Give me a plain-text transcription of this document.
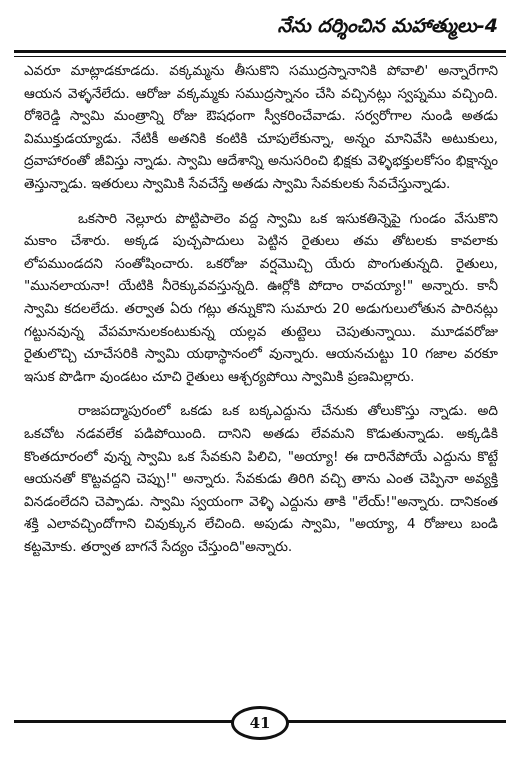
నేను దర్శించిన మహాత్ములు-4

ఎవరూ మాట్లాడకూడదు. వక్కమ్మను తీసుకొని సముద్రస్నానానికి పోవాలి' అన్నారేగాని ఆయన వెళ్ళనేలేదు. ఆరోజు వక్కమ్మకు సముద్రస్నానం చేసి వచ్చినట్లు స్వప్నము వచ్చింది. రోశిరెడ్డి స్వామి మంత్రాన్ని రోజు ఔషధంగా స్వీకరించేవాడు. సర్వరోగాల నుండి అతడు విముక్తుడయ్యాడు. నేటికీ అతనికి కంటికి చూపులేకున్నా, అన్నం మానివేసి అటుకులు, ద్రవాహారంతో జీవిస్తు న్నాడు. స్వామి ఆదేశాన్ని అనుసరించి భిక్షకు వెళ్ళిభక్తులకోసం భిక్షాన్నం తెస్తున్నాడు. ఇతరులు స్వామికి సేవచేస్తే అతడు స్వామి సేవకులకు సేవచేస్తున్నాడు.

ఒకసారి నెల్లూరు పొట్టిపాలెం వద్ద స్వామి ఒక ఇసుకతిన్నెపై గుండం వేసుకొని మకాం చేశారు. అక్కడ పుచ్చపాదులు పెట్టిన రైతులు తమ తోటలకు కావలాకు లోపముండదని సంతోషించారు. ఒకరోజు వర్షమొచ్చి యేరు పొంగుతున్నది. రైతులు, "మునలాయనా! యేటికి నీరెక్కువవస్తున్నది. ఊర్లోకి పోదాం రావయ్యా!" అన్నారు. కానీ స్వామి కదలలేదు. తర్వాత ఏరు గట్లు తన్నుకొని సుమారు 20 అడుగులులోతున పారినట్లు గట్టునవున్న వేపమానులకంటుకున్న యల్లవ తుట్టెలు చెపుతున్నాయి. మూడవరోజు రైతులొచ్చి చూచేసరికి స్వామి యథాస్థానంలో వున్నారు. ఆయనచుట్టు 10 గజాల వరకూ ఇసుక పొడిగా వుండటం చూచి రైతులు ఆశ్చర్యపోయి స్వామికి ప్రణమిల్లారు.

రాజపద్మాపురంలో ఒకడు ఒక బక్కఎద్దును చేనుకు తోలుకొస్తు న్నాడు. అది ఒకచోట నడవలేక పడిపోయింది. దానిని అతడు లేవమని కొడుతున్నాడు. అక్కడికి కొంతదూరంలో వున్న స్వామి ఒక సేవకుని పిలిచి, "అయ్యా! ఈ దారినేపోయే ఎద్దును కొట్టే ఆయనతో కొట్టవద్దని చెప్పు!" అన్నారు. సేవకుడు తిరిగి వచ్చి తాను ఎంత చెప్పినా అవ్యక్తి వినడంలేదని చెప్పాడు. స్వామి స్వయంగా వెళ్ళి ఎద్దును తాకి "లేయ్!"అన్నారు. దానికంత శక్తి ఎలావచ్చిందోగాని చివుక్కున లేచింది. అపుడు స్వామి, "అయ్యా, 4 రోజులు బండి కట్టమోకు. తర్వాత బాగనే సేద్యం చేస్తుంది"అన్నారు.

41
